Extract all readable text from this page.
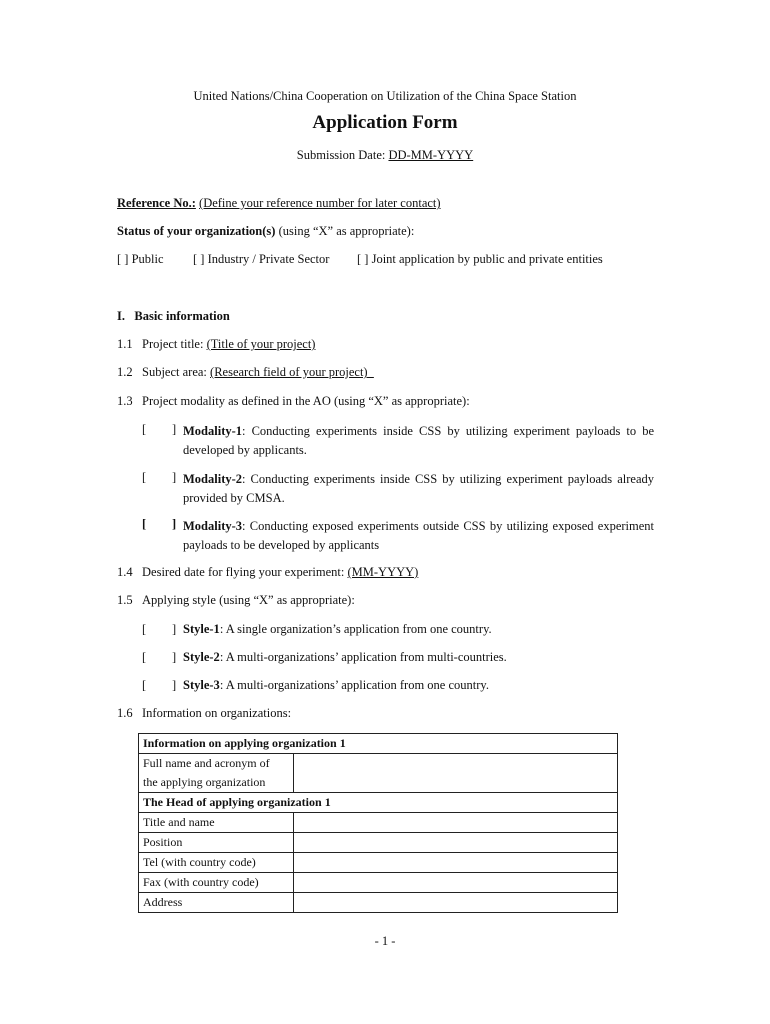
United Nations/China Cooperation on Utilization of the China Space Station
Application Form
Submission Date: DD-MM-YYYY
Reference No.: (Define your reference number for later contact)
Status of your organization(s) (using “X” as appropriate):
[ ] Public [ ] Industry / Private Sector [ ] Joint application by public and private entities
I. Basic information
1.1 Project title: (Title of your project)
1.2 Subject area: (Research field of your project)
1.3 Project modality as defined in the AO (using “X” as appropriate):
[ ] Modality-1: Conducting experiments inside CSS by utilizing experiment payloads to be developed by applicants.
[ ] Modality-2: Conducting experiments inside CSS by utilizing experiment payloads already provided by CMSA.
[ ] Modality-3: Conducting exposed experiments outside CSS by utilizing exposed experiment payloads to be developed by applicants
1.4 Desired date for flying your experiment: (MM-YYYY)
1.5 Applying style (using “X” as appropriate):
[ ] Style-1: A single organization’s application from one country.
[ ] Style-2: A multi-organizations’ application from multi-countries.
[ ] Style-3: A multi-organizations’ application from one country.
1.6 Information on organizations:
Information on applying organization 1	

Full name and acronym of
the applying organization	

The Head of applying organization 1	
Title and name	
Position	
Tel (with country code)	
Fax (with country code)	
Address	
- 1 -
